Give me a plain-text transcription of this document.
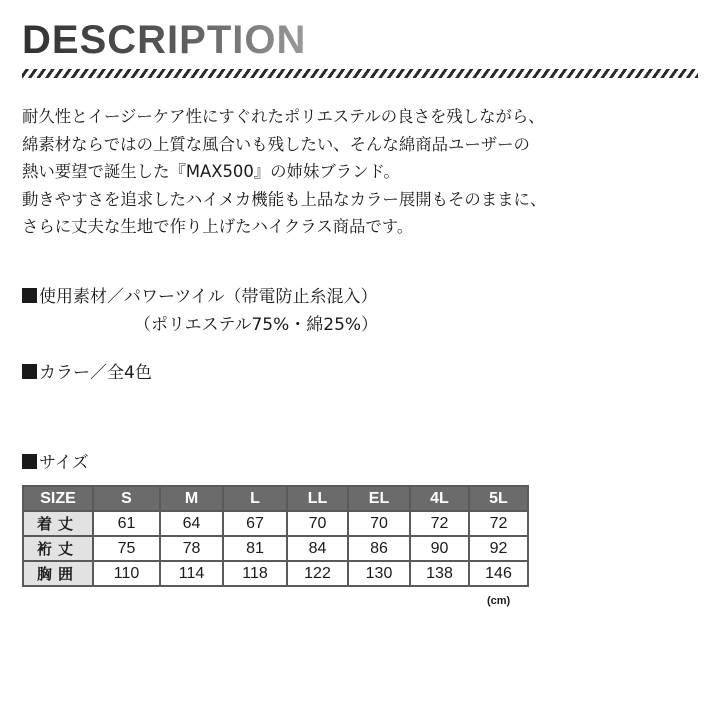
DESCRIPTION
耐久性とイージーケア性にすぐれたポリエステルの良さを残しながら、
綿素材ならではの上質な風合いも残したい、そんな綿商品ユーザーの
熱い要望で誕生した『MAX500』の姉妹ブランド。
動きやすさを追求したハイメカ機能も上品なカラー展開もそのままに、
さらに丈夫な生地で作り上げたハイクラス商品です。
使用素材／パワーツイル（帯電防止糸混入）
（ポリエステル75%・綿25%）
カラー／全4色
サイズ
SIZE	S	M	L	LL	EL	4L	5L
着丈	61	64	67	70	70	72	72
裄丈	75	78	81	84	86	90	92
胸囲	110	114	118	122	130	138	146
(cm)
